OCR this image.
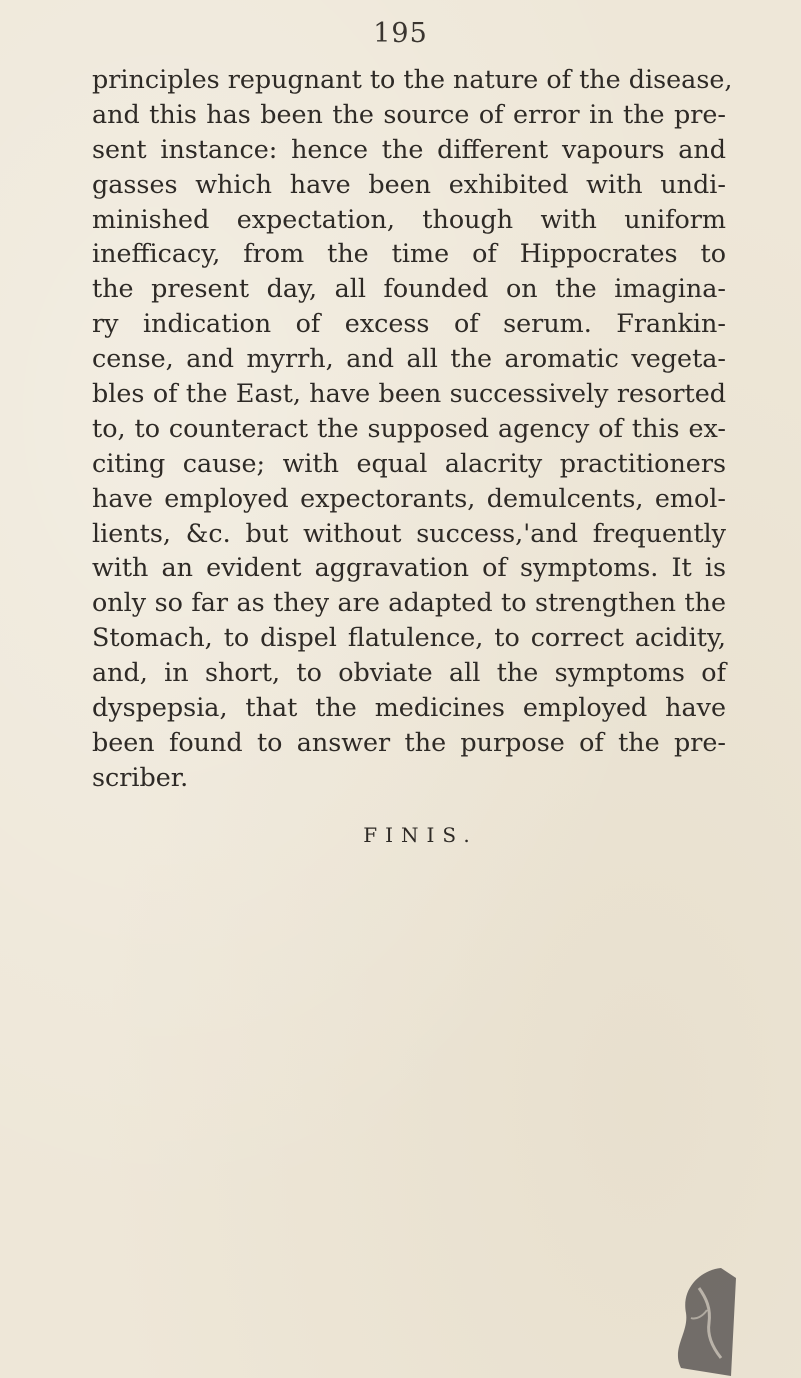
195
principles repugnant to the nature of the disease,
and this has been the source of error in the pre-
sent instance: hence the different vapours and
gasses which have been exhibited with undi-
minished expectation, though with uniform
inefficacy, from the time of Hippocrates to
the present day, all founded on the imagina-
ry indication of excess of serum. Frankin-
cense, and myrrh, and all the aromatic vegeta-
bles of the East, have been successively resorted
to, to counteract the supposed agency of this ex-
citing cause; with equal alacrity practitioners
have employed expectorants, demulcents, emol-
lients, &c. but without success,'and frequently
with an evident aggravation of symptoms. It is
only so far as they are adapted to strengthen the
Stomach, to dispel flatulence, to correct acidity,
and, in short, to obviate all the symptoms of
dyspepsia, that the medicines employed have
been found to answer the purpose of the pre-
scriber.
FINIS.
